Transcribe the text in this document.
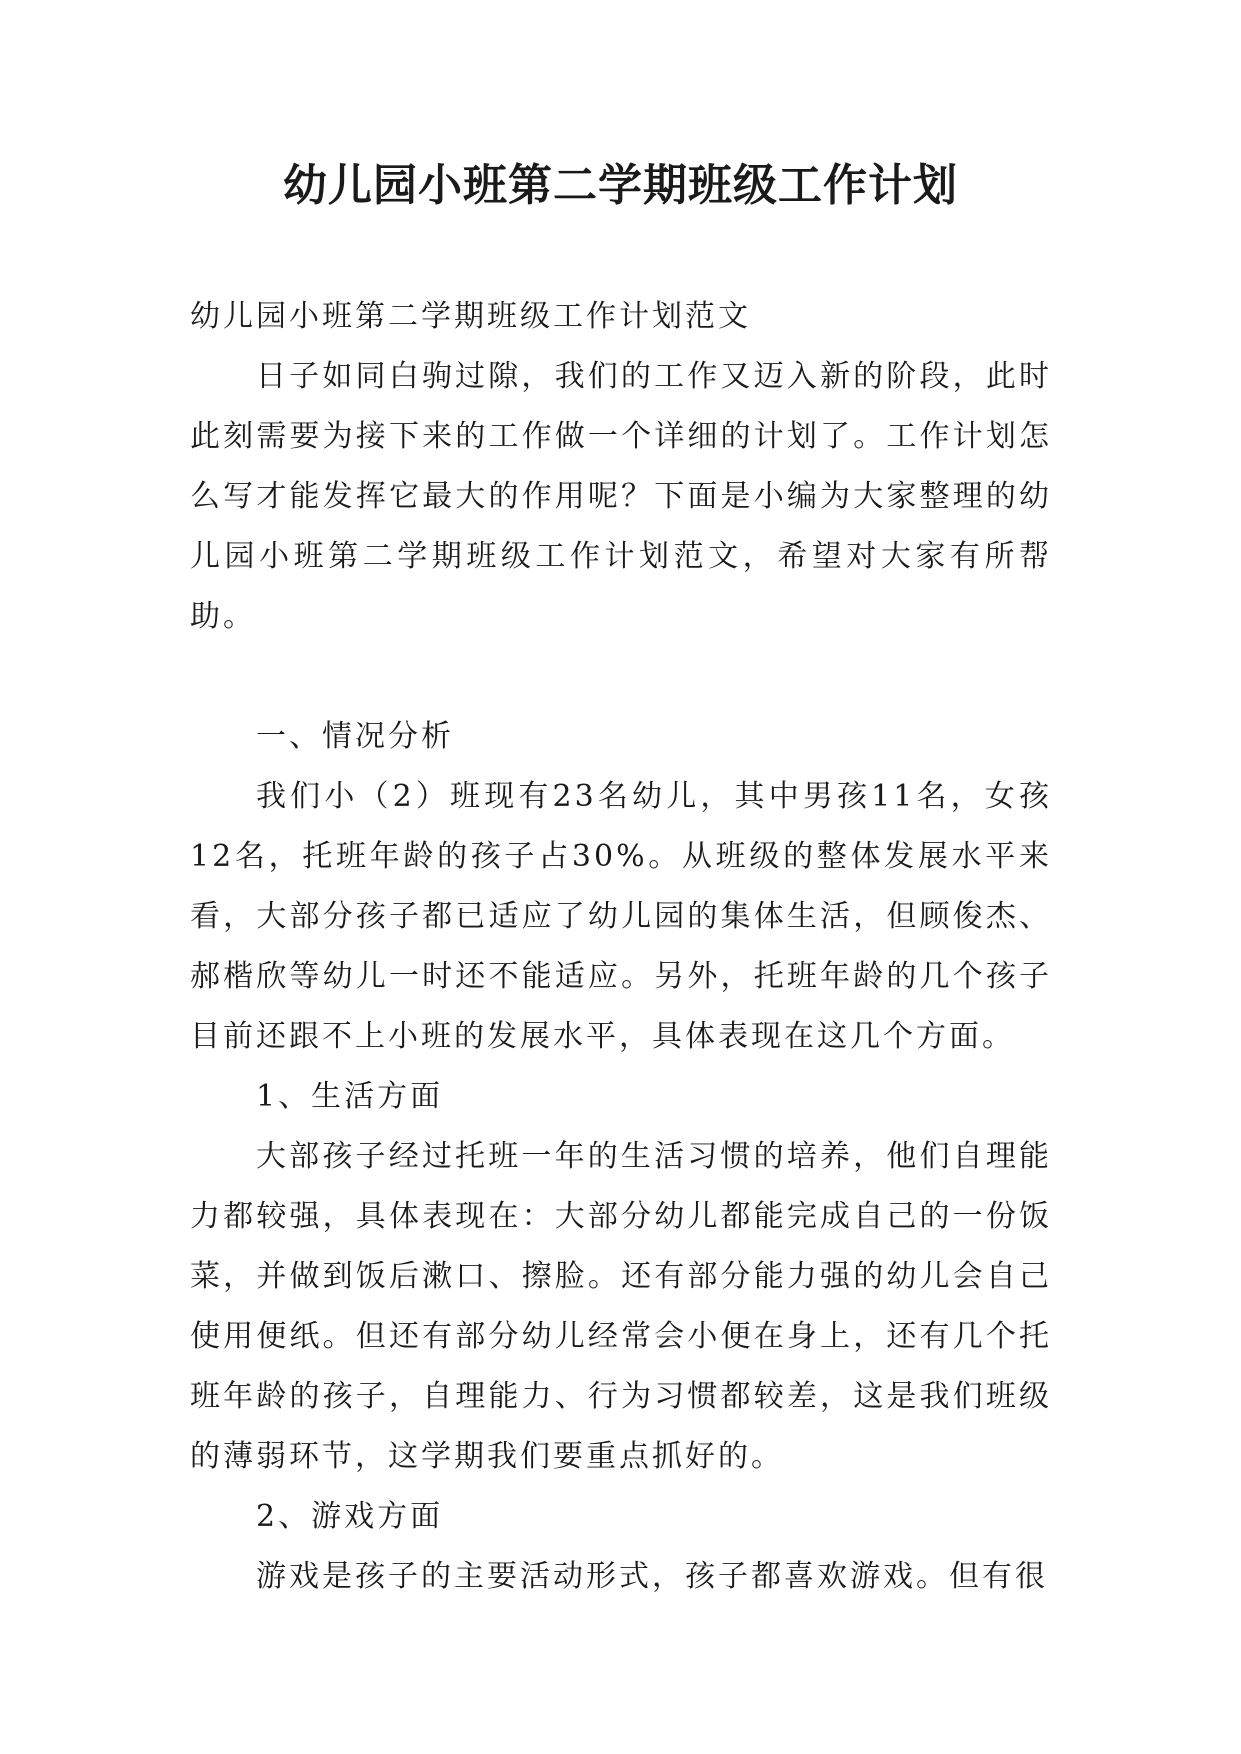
幼儿园小班第二学期班级工作计划

幼儿园小班第二学期班级工作计划范文

日子如同白驹过隙，我们的工作又迈入新的阶段，此时此刻需要为接下来的工作做一个详细的计划了。工作计划怎么写才能发挥它最大的作用呢？下面是小编为大家整理的幼儿园小班第二学期班级工作计划范文，希望对大家有所帮助。

一、情况分析

我们小（2）班现有23名幼儿，其中男孩11名，女孩12名，托班年龄的孩子占30%。从班级的整体发展水平来看，大部分孩子都已适应了幼儿园的集体生活，但顾俊杰、郝楷欣等幼儿一时还不能适应。另外，托班年龄的几个孩子目前还跟不上小班的发展水平，具体表现在这几个方面。

1、生活方面

大部孩子经过托班一年的生活习惯的培养，他们自理能力都较强，具体表现在：大部分幼儿都能完成自己的一份饭菜，并做到饭后漱口、擦脸。还有部分能力强的幼儿会自己使用便纸。但还有部分幼儿经常会小便在身上，还有几个托班年龄的孩子，自理能力、行为习惯都较差，这是我们班级的薄弱环节，这学期我们要重点抓好的。

2、游戏方面

游戏是孩子的主要活动形式，孩子都喜欢游戏。但有很
